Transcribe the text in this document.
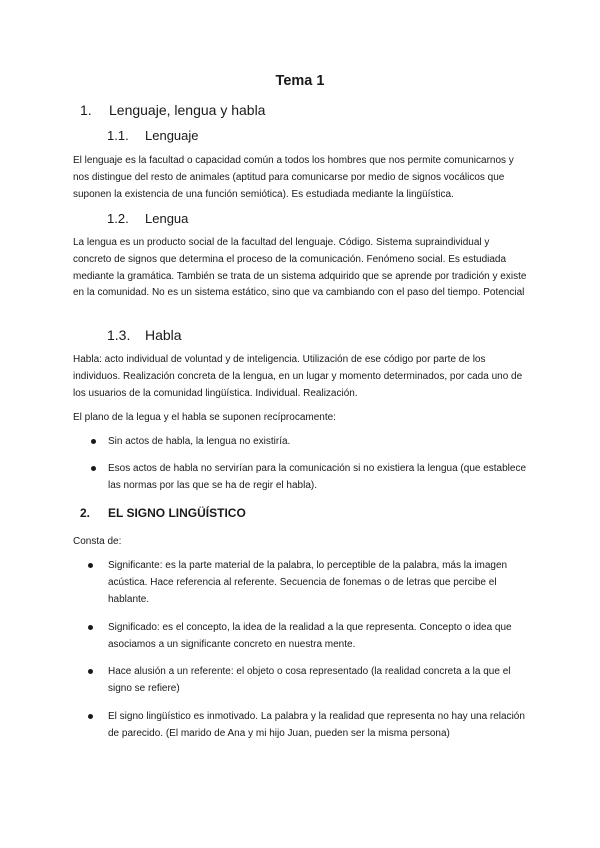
Tema 1
1. Lenguaje, lengua y habla
1.1. Lenguaje

El lenguaje es la facultad o capacidad común a todos los hombres que nos permite comunicarnos y nos distingue del resto de animales (aptitud para comunicarse por medio de signos vocálicos que suponen la existencia de una función semiótica). Es estudiada mediante la lingüística.

1.2. Lengua

La lengua es un producto social de la facultad del lenguaje. Código. Sistema supraindividual y concreto de signos que determina el proceso de la comunicación. Fenómeno social. Es estudiada mediante la gramática. También se trata de un sistema adquirido que se aprende por tradición y existe en la comunidad. No es un sistema estático, sino que va cambiando con el paso del tiempo. Potencial

1.3. Habla

Habla: acto individual de voluntad y de inteligencia. Utilización de ese código por parte de los individuos. Realización concreta de la lengua, en un lugar y momento determinados, por cada uno de los usuarios de la comunidad lingüística. Individual. Realización.

El plano de la legua y el habla se suponen recíprocamente:

Sin actos de habla, la lengua no existiría.
Esos actos de habla no servirían para la comunicación si no existiera la lengua (que establece las normas por las que se ha de regir el habla).
2. EL SIGNO LINGÜÍSTICO

Consta de:

Significante: es la parte material de la palabra, lo perceptible de la palabra, más la imagen acústica. Hace referencia al referente. Secuencia de fonemas o de letras que percibe el hablante.
Significado: es el concepto, la idea de la realidad a la que representa. Concepto o idea que asociamos a un significante concreto en nuestra mente.
Hace alusión a un referente: el objeto o cosa representado (la realidad concreta a la que el signo se refiere)
El signo lingüístico es inmotivado. La palabra y la realidad que representa no hay una relación de parecido. (El marido de Ana y mi hijo Juan, pueden ser la misma persona)
